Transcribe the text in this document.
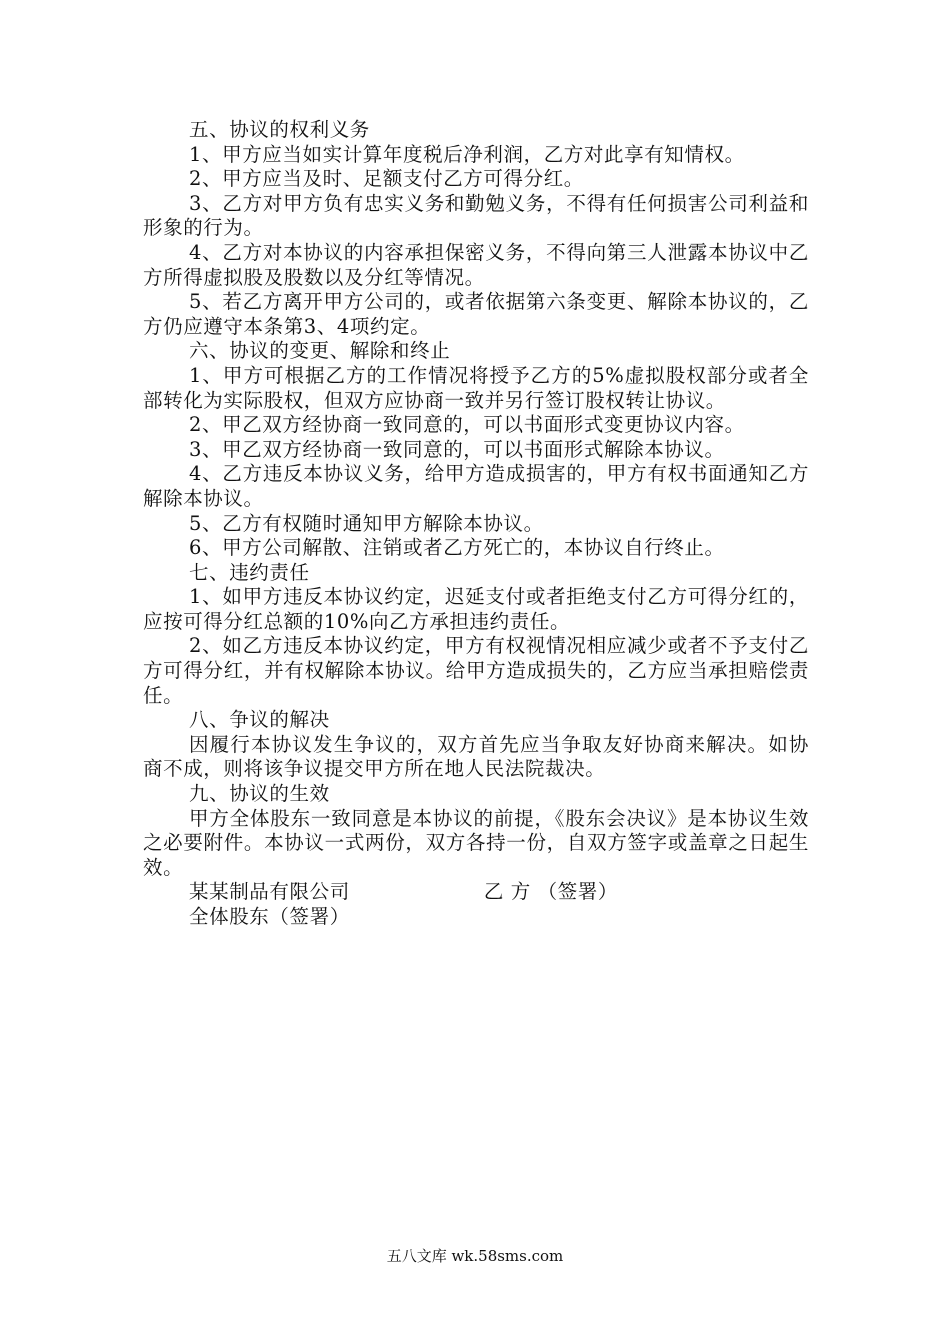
五、协议的权利义务

1、甲方应当如实计算年度税后净利润，乙方对此享有知情权。

2、甲方应当及时、足额支付乙方可得分红。

3、乙方对甲方负有忠实义务和勤勉义务，不得有任何损害公司利益和形象的行为。

4、乙方对本协议的内容承担保密义务，不得向第三人泄露本协议中乙方所得虚拟股及股数以及分红等情况。

5、若乙方离开甲方公司的，或者依据第六条变更、解除本协议的，乙方仍应遵守本条第3、4项约定。

六、协议的变更、解除和终止

1、甲方可根据乙方的工作情况将授予乙方的5%虚拟股权部分或者全部转化为实际股权，但双方应协商一致并另行签订股权转让协议。

2、甲乙双方经协商一致同意的，可以书面形式变更协议内容。

3、甲乙双方经协商一致同意的，可以书面形式解除本协议。

4、乙方违反本协议义务，给甲方造成损害的，甲方有权书面通知乙方解除本协议。

5、乙方有权随时通知甲方解除本协议。

6、甲方公司解散、注销或者乙方死亡的，本协议自行终止。

七、违约责任

1、如甲方违反本协议约定，迟延支付或者拒绝支付乙方可得分红的，应按可得分红总额的10%向乙方承担违约责任。

2、如乙方违反本协议约定，甲方有权视情况相应减少或者不予支付乙方可得分红，并有权解除本协议。给甲方造成损失的，乙方应当承担赔偿责任。

八、争议的解决

因履行本协议发生争议的，双方首先应当争取友好协商来解决。如协商不成，则将该争议提交甲方所在地人民法院裁决。

九、协议的生效

甲方全体股东一致同意是本协议的前提，《股东会决议》是本协议生效之必要附件。本协议一式两份，双方各持一份，自双方签字或盖章之日起生效。

某某制品有限公司	乙 方 （签署）

全体股东（签署）

五八文库 wk.58sms.com
